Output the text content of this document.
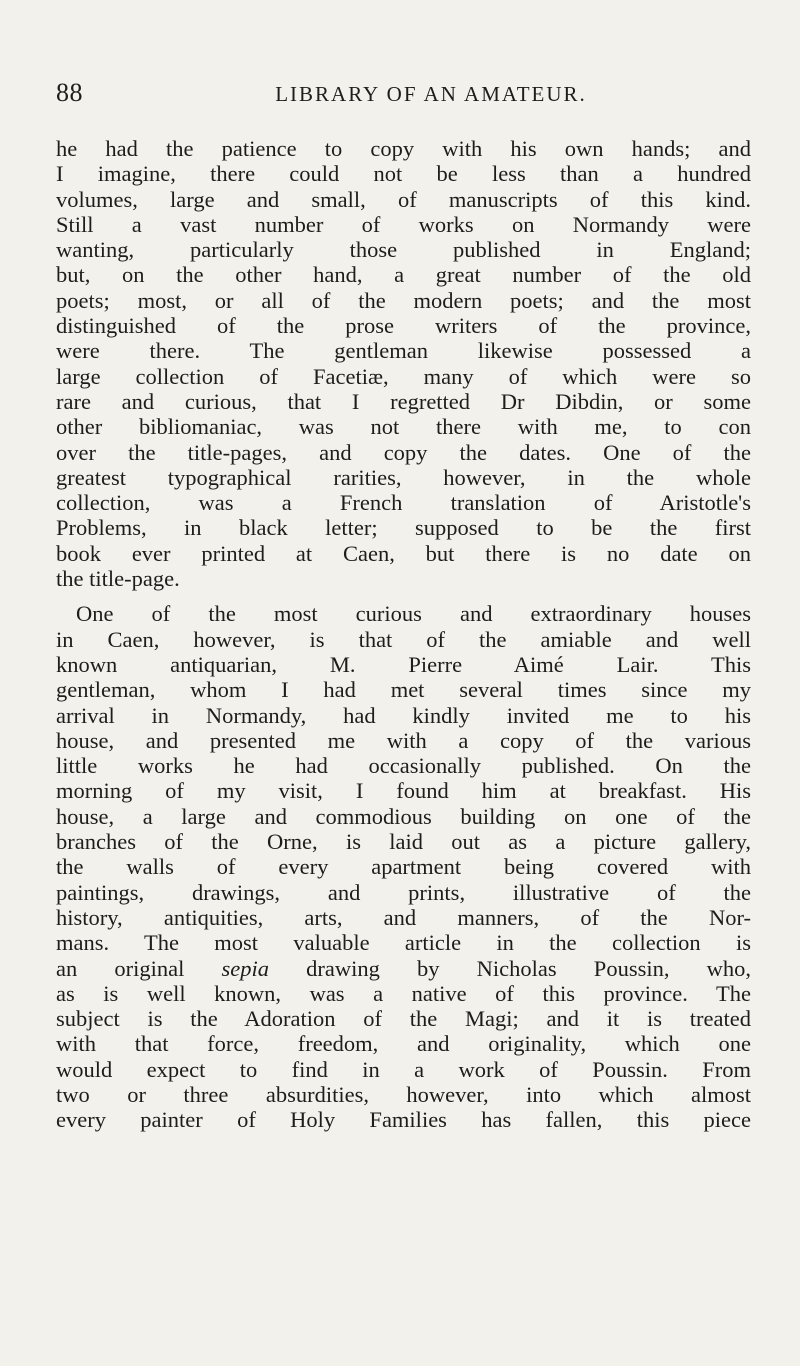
88	LIBRARY OF AN AMATEUR.
he had the patience to copy with his own hands; and
I imagine, there could not be less than a hundred
volumes, large and small, of manuscripts of this kind.
Still a vast number of works on Normandy were
wanting, particularly those published in England;
but, on the other hand, a great number of the old
poets; most, or all of the modern poets; and the most
distinguished of the prose writers of the province,
were there. The gentleman likewise possessed a
large collection of Facetiæ, many of which were so
rare and curious, that I regretted Dr Dibdin, or some
other bibliomaniac, was not there with me, to con
over the title-pages, and copy the dates. One of the
greatest typographical rarities, however, in the whole
collection, was a French translation of Aristotle's
Problems, in black letter; supposed to be the first
book ever printed at Caen, but there is no date on
the title-page.
One of the most curious and extraordinary houses
in Caen, however, is that of the amiable and well
known antiquarian, M. Pierre Aimé Lair. This
gentleman, whom I had met several times since my
arrival in Normandy, had kindly invited me to his
house, and presented me with a copy of the various
little works he had occasionally published. On the
morning of my visit, I found him at breakfast. His
house, a large and commodious building on one of the
branches of the Orne, is laid out as a picture gallery,
the walls of every apartment being covered with
paintings, drawings, and prints, illustrative of the
history, antiquities, arts, and manners, of the Nor-
mans. The most valuable article in the collection is
an original sepia drawing by Nicholas Poussin, who,
as is well known, was a native of this province. The
subject is the Adoration of the Magi; and it is treated
with that force, freedom, and originality, which one
would expect to find in a work of Poussin. From
two or three absurdities, however, into which almost
every painter of Holy Families has fallen, this piece
